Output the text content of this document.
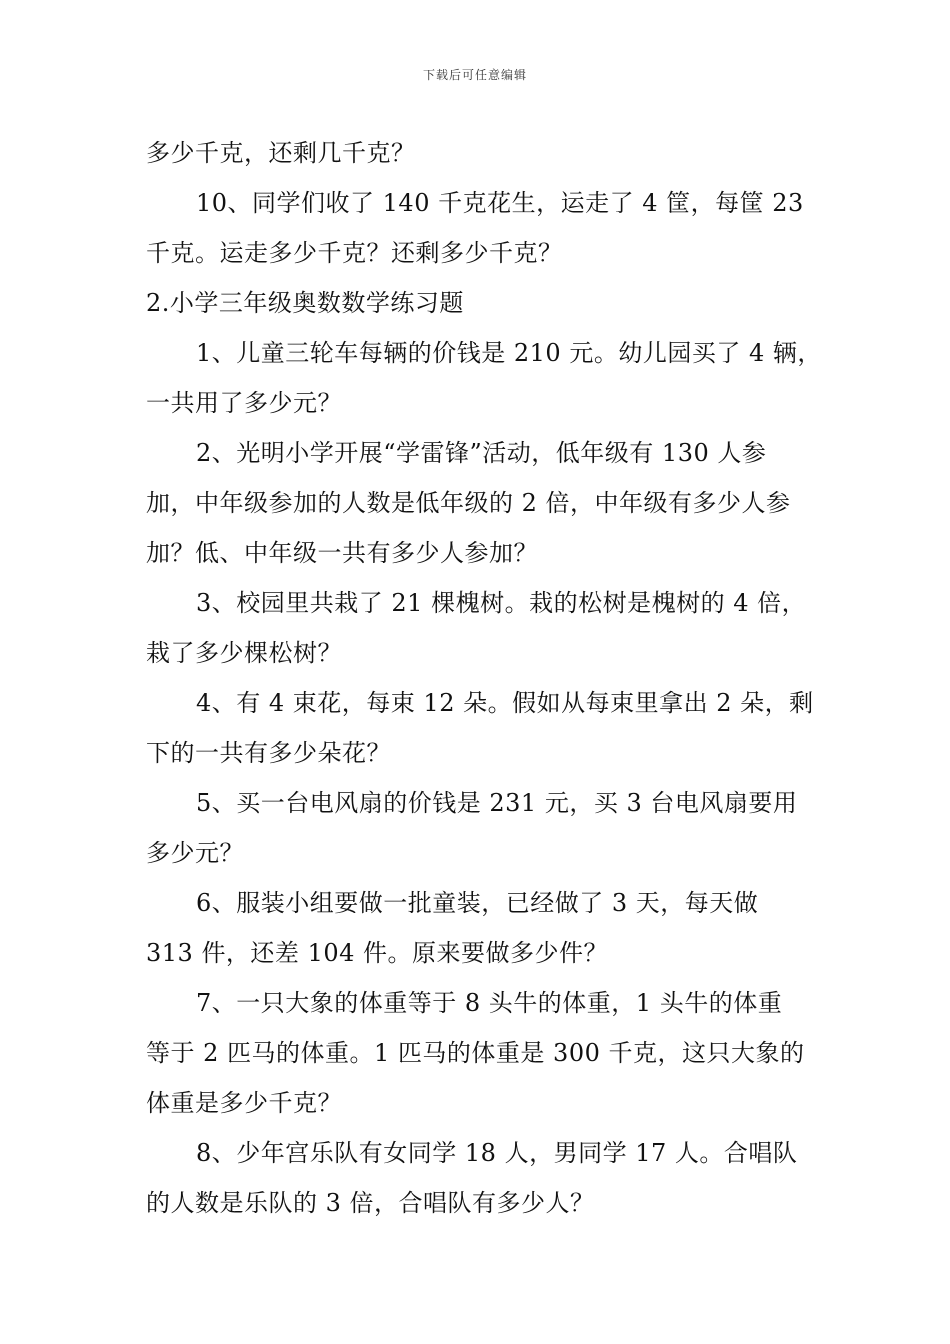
下载后可任意编辑
多少千克，还剩几千克？
10、同学们收了 140 千克花生，运走了 4 筐，每筐 23
千克。运走多少千克？还剩多少千克？
2.小学三年级奥数数学练习题
1、儿童三轮车每辆的价钱是 210 元。幼儿园买了 4 辆，
一共用了多少元？
2、光明小学开展“学雷锋”活动，低年级有 130 人参
加，中年级参加的人数是低年级的 2 倍，中年级有多少人参
加？低、中年级一共有多少人参加？
3、校园里共栽了 21 棵槐树。栽的松树是槐树的 4 倍，
栽了多少棵松树？
4、有 4 束花，每束 12 朵。假如从每束里拿出 2 朵，剩
下的一共有多少朵花？
5、买一台电风扇的价钱是 231 元，买 3 台电风扇要用
多少元？
6、服装小组要做一批童装，已经做了 3 天，每天做
313 件，还差 104 件。原来要做多少件？
7、一只大象的体重等于 8 头牛的体重，1 头牛的体重
等于 2 匹马的体重。1 匹马的体重是 300 千克，这只大象的
体重是多少千克？
8、少年宫乐队有女同学 18 人，男同学 17 人。合唱队
的人数是乐队的 3 倍，合唱队有多少人？
